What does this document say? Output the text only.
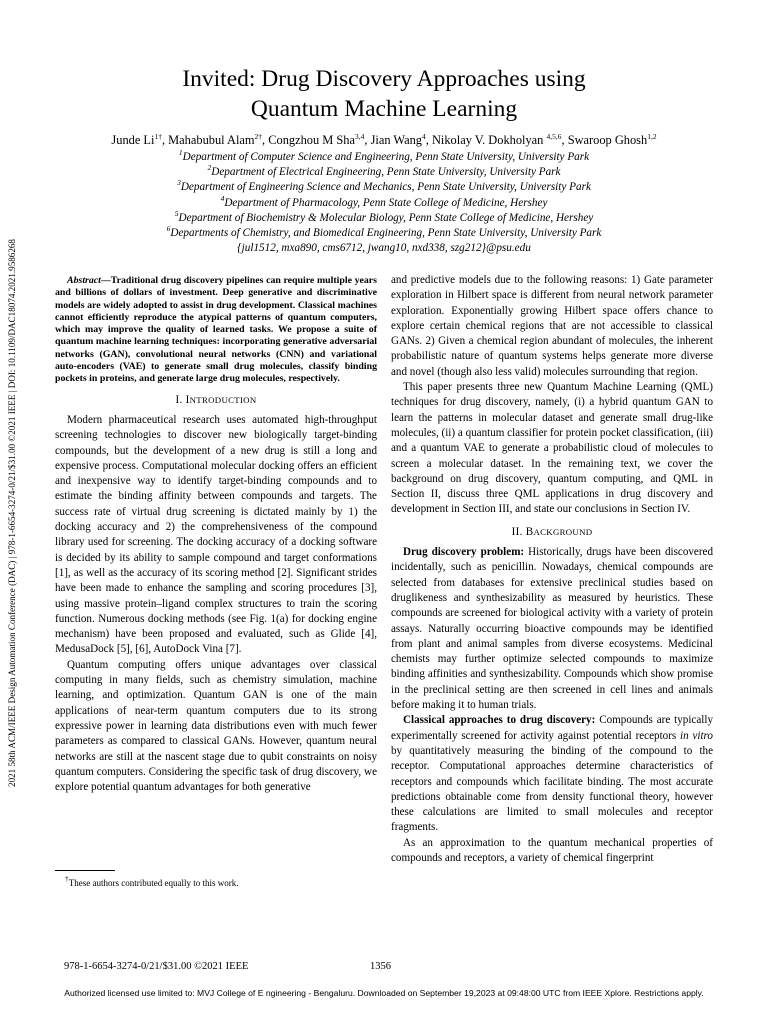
2021 58th ACM/IEEE Design Automation Conference (DAC) | 978-1-6654-3274-0/21/$31.00 ©2021 IEEE | DOI: 10.1109/DAC18074.2021.9586268
Invited: Drug Discovery Approaches using
Quantum Machine Learning
Junde $Li^{1\dagger}$, Mahabubul Alam$^{2\dagger}$, Congzhou M Sha$^{3,4}$, Jian Wang$^4$, Nikolay V. Dokholyan $^{4,5,6}$, Swaroop Ghosh$^{1,2}$
$^1$Department of Computer Science and Engineering, Penn State University, University Park
$^2$Department of Electrical Engineering, Penn State University, University Park
$^3$Department of Engineering Science and Mechanics, Penn State University, University Park
$^4$Department of Pharmacology, Penn State College of Medicine, Hershey
$^5$Department of Biochemistry & Molecular Biology, Penn State College of Medicine, Hershey
$^6$Departments of Chemistry, and Biomedical Engineering, Penn State University, University Park
{jul1512, mxa890, cms6712, jwang10, nxd338, szg212}@psu.edu

Abstract—Traditional drug discovery pipelines can require multiple years and billions of dollars of investment. Deep generative and discriminative models are widely adopted to assist in drug development. Classical machines cannot efficiently reproduce the atypical patterns of quantum computers, which may improve the quality of learned tasks. We propose a suite of quantum machine learning techniques: incorporating generative adversarial networks (GAN), convolutional neural networks (CNN) and variational auto-encoders (VAE) to generate small drug molecules, classify binding pockets in proteins, and generate large drug molecules, respectively.

I. INTRODUCTION

Modern pharmaceutical research uses automated high-throughput screening technologies to discover new biologically target-binding compounds, but the development of a new drug is still a long and expensive process. Computational molecular docking offers an efficient and inexpensive way to identify target-binding compounds and to estimate the binding affinity between compounds and targets. The success rate of virtual drug screening is dictated mainly by 1) the docking accuracy and 2) the comprehensiveness of the compound library used for screening. The docking accuracy of a docking software is decided by its ability to sample compound and target conformations [1], as well as the accuracy of its scoring method [2]. Significant strides have been made to enhance the sampling and scoring procedures [3], using massive protein–ligand complex structures to train the scoring function. Numerous docking methods (see Fig. 1(a) for docking engine mechanism) have been proposed and evaluated, such as Glide [4], MedusaDock [5], [6], AutoDock Vina [7].

Quantum computing offers unique advantages over classical computing in many fields, such as chemistry simulation, machine learning, and optimization. Quantum GAN is one of the main applications of near-term quantum computers due to its strong expressive power in learning data distributions even with much fewer parameters as compared to classical GANs. However, quantum neural networks are still at the nascent stage due to qubit constraints on noisy quantum computers. Considering the specific task of drug discovery, we explore potential quantum advantages for both generative

and predictive models due to the following reasons: 1) Gate parameter exploration in Hilbert space is different from neural network parameter exploration. Exponentially growing Hilbert space offers chance to explore certain chemical regions that are not accessible to classical GANs. 2) Given a chemical region abundant of molecules, the inherent probabilistic nature of quantum systems helps generate more diverse and novel (though also less valid) molecules surrounding that region.

This paper presents three new Quantum Machine Learning (QML) techniques for drug discovery, namely, (i) a hybrid quantum GAN to learn the patterns in molecular dataset and generate small drug-like molecules, (ii) a quantum classifier for protein pocket classification, (iii) and a quantum VAE to generate a probabilistic cloud of molecules to screen a molecular dataset. In the remaining text, we cover the background on drug discovery, quantum computing, and QML in Section II, discuss three QML applications in drug discovery and development in Section III, and state our conclusions in Section IV.

II. BACKGROUND

Drug discovery problem: Historically, drugs have been discovered incidentally, such as penicillin. Nowadays, chemical compounds are selected from databases for extensive preclinical studies based on druglikeness and synthesizability as measured by heuristics. These compounds are screened for biological activity with a variety of protein assays. Naturally occurring bioactive compounds may be identified from plant and animal samples from diverse ecosystems. Medicinal chemists may further optimize selected compounds to maximize binding affinities and synthesizability. Compounds which show promise in the preclinical setting are then screened in cell lines and animals before making it to human trials.

Classical approaches to drug discovery: Compounds are typically experimentally screened for activity against potential receptors in vitro by quantitatively measuring the binding of the compound to the receptor. Computational approaches determine characteristics of receptors and compounds which facilitate binding. The most accurate predictions obtainable come from density functional theory, however these calculations are limited to small molecules and receptor fragments.

As an approximation to the quantum mechanical properties of compounds and receptors, a variety of chemical fingerprint

†These authors contributed equally to this work.
978-1-6654-3274-0/21/$31.00 ©2021 IEEE	1356
Authorized licensed use limited to: MVJ College of E ngineering - Bengaluru. Downloaded on September 19,2023 at 09:48:00 UTC from IEEE Xplore. Restrictions apply.
